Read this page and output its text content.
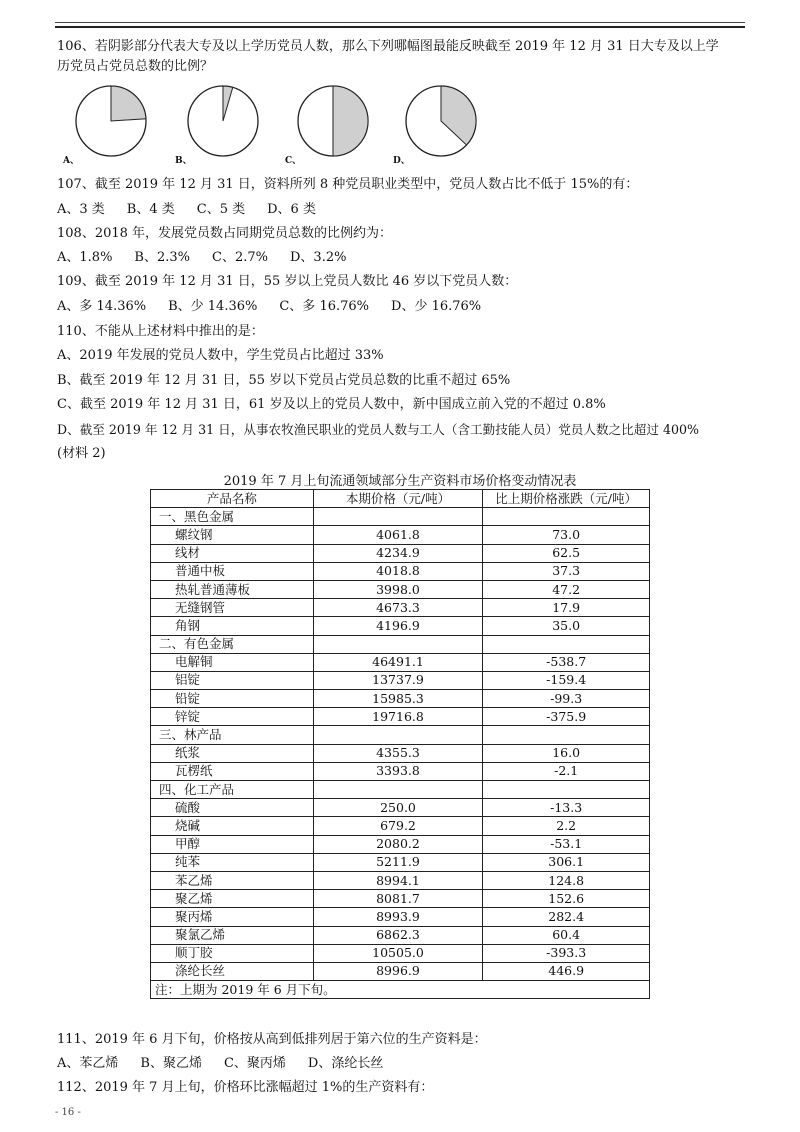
106、若阴影部分代表大专及以上学历党员人数，那么下列哪幅图最能反映截至 2019 年 12 月 31 日大专及以上学
历党员占党员总数的比例？
A、	B、	C、	D、
107、截至 2019 年 12 月 31 日，资料所列 8 种党员职业类型中，党员人数占比不低于 15%的有：
A、3 类 B、4 类 C、5 类 D、6 类
108、2018 年，发展党员数占同期党员总数的比例约为：
A、1.8% B、2.3% C、2.7% D、3.2%
109、截至 2019 年 12 月 31 日，55 岁以上党员人数比 46 岁以下党员人数：
A、多 14.36% B、少 14.36% C、多 16.76% D、少 16.76%
110、不能从上述材料中推出的是：
A、2019 年发展的党员人数中，学生党员占比超过 33%
B、截至 2019 年 12 月 31 日，55 岁以下党员占党员总数的比重不超过 65%
C、截至 2019 年 12 月 31 日，61 岁及以上的党员人数中，新中国成立前入党的不超过 0.8%
D、截至 2019 年 12 月 31 日，从事农牧渔民职业的党员人数与工人（含工勤技能人员）党员人数之比超过 400%
(材料 2)
2019 年 7 月上旬流通领域部分生产资料市场价格变动情况表
产品名称	本期价格（元/吨）	比上期价格涨跌（元/吨）
一、黑色金属		
螺纹钢	4061.8	73.0
线材	4234.9	62.5
普通中板	4018.8	37.3
热轧普通薄板	3998.0	47.2
无缝钢管	4673.3	17.9
角钢	4196.9	35.0
二、有色金属		
电解铜	46491.1	-538.7
铝锭	13737.9	-159.4
铅锭	15985.3	-99.3
锌锭	19716.8	-375.9
三、林产品		
纸浆	4355.3	16.0
瓦楞纸	3393.8	-2.1
四、化工产品		
硫酸	250.0	-13.3
烧碱	679.2	2.2
甲醇	2080.2	-53.1
纯苯	5211.9	306.1
苯乙烯	8994.1	124.8
聚乙烯	8081.7	152.6
聚丙烯	8993.9	282.4
聚氯乙烯	6862.3	60.4
顺丁胶	10505.0	-393.3
涤纶长丝	8996.9	446.9
注：上期为 2019 年 6 月下旬。		
111、2019 年 6 月下旬，价格按从高到低排列居于第六位的生产资料是：
A、苯乙烯 B、聚乙烯 C、聚丙烯 D、涤纶长丝
112、2019 年 7 月上旬，价格环比涨幅超过 1%的生产资料有：
- 16 -
